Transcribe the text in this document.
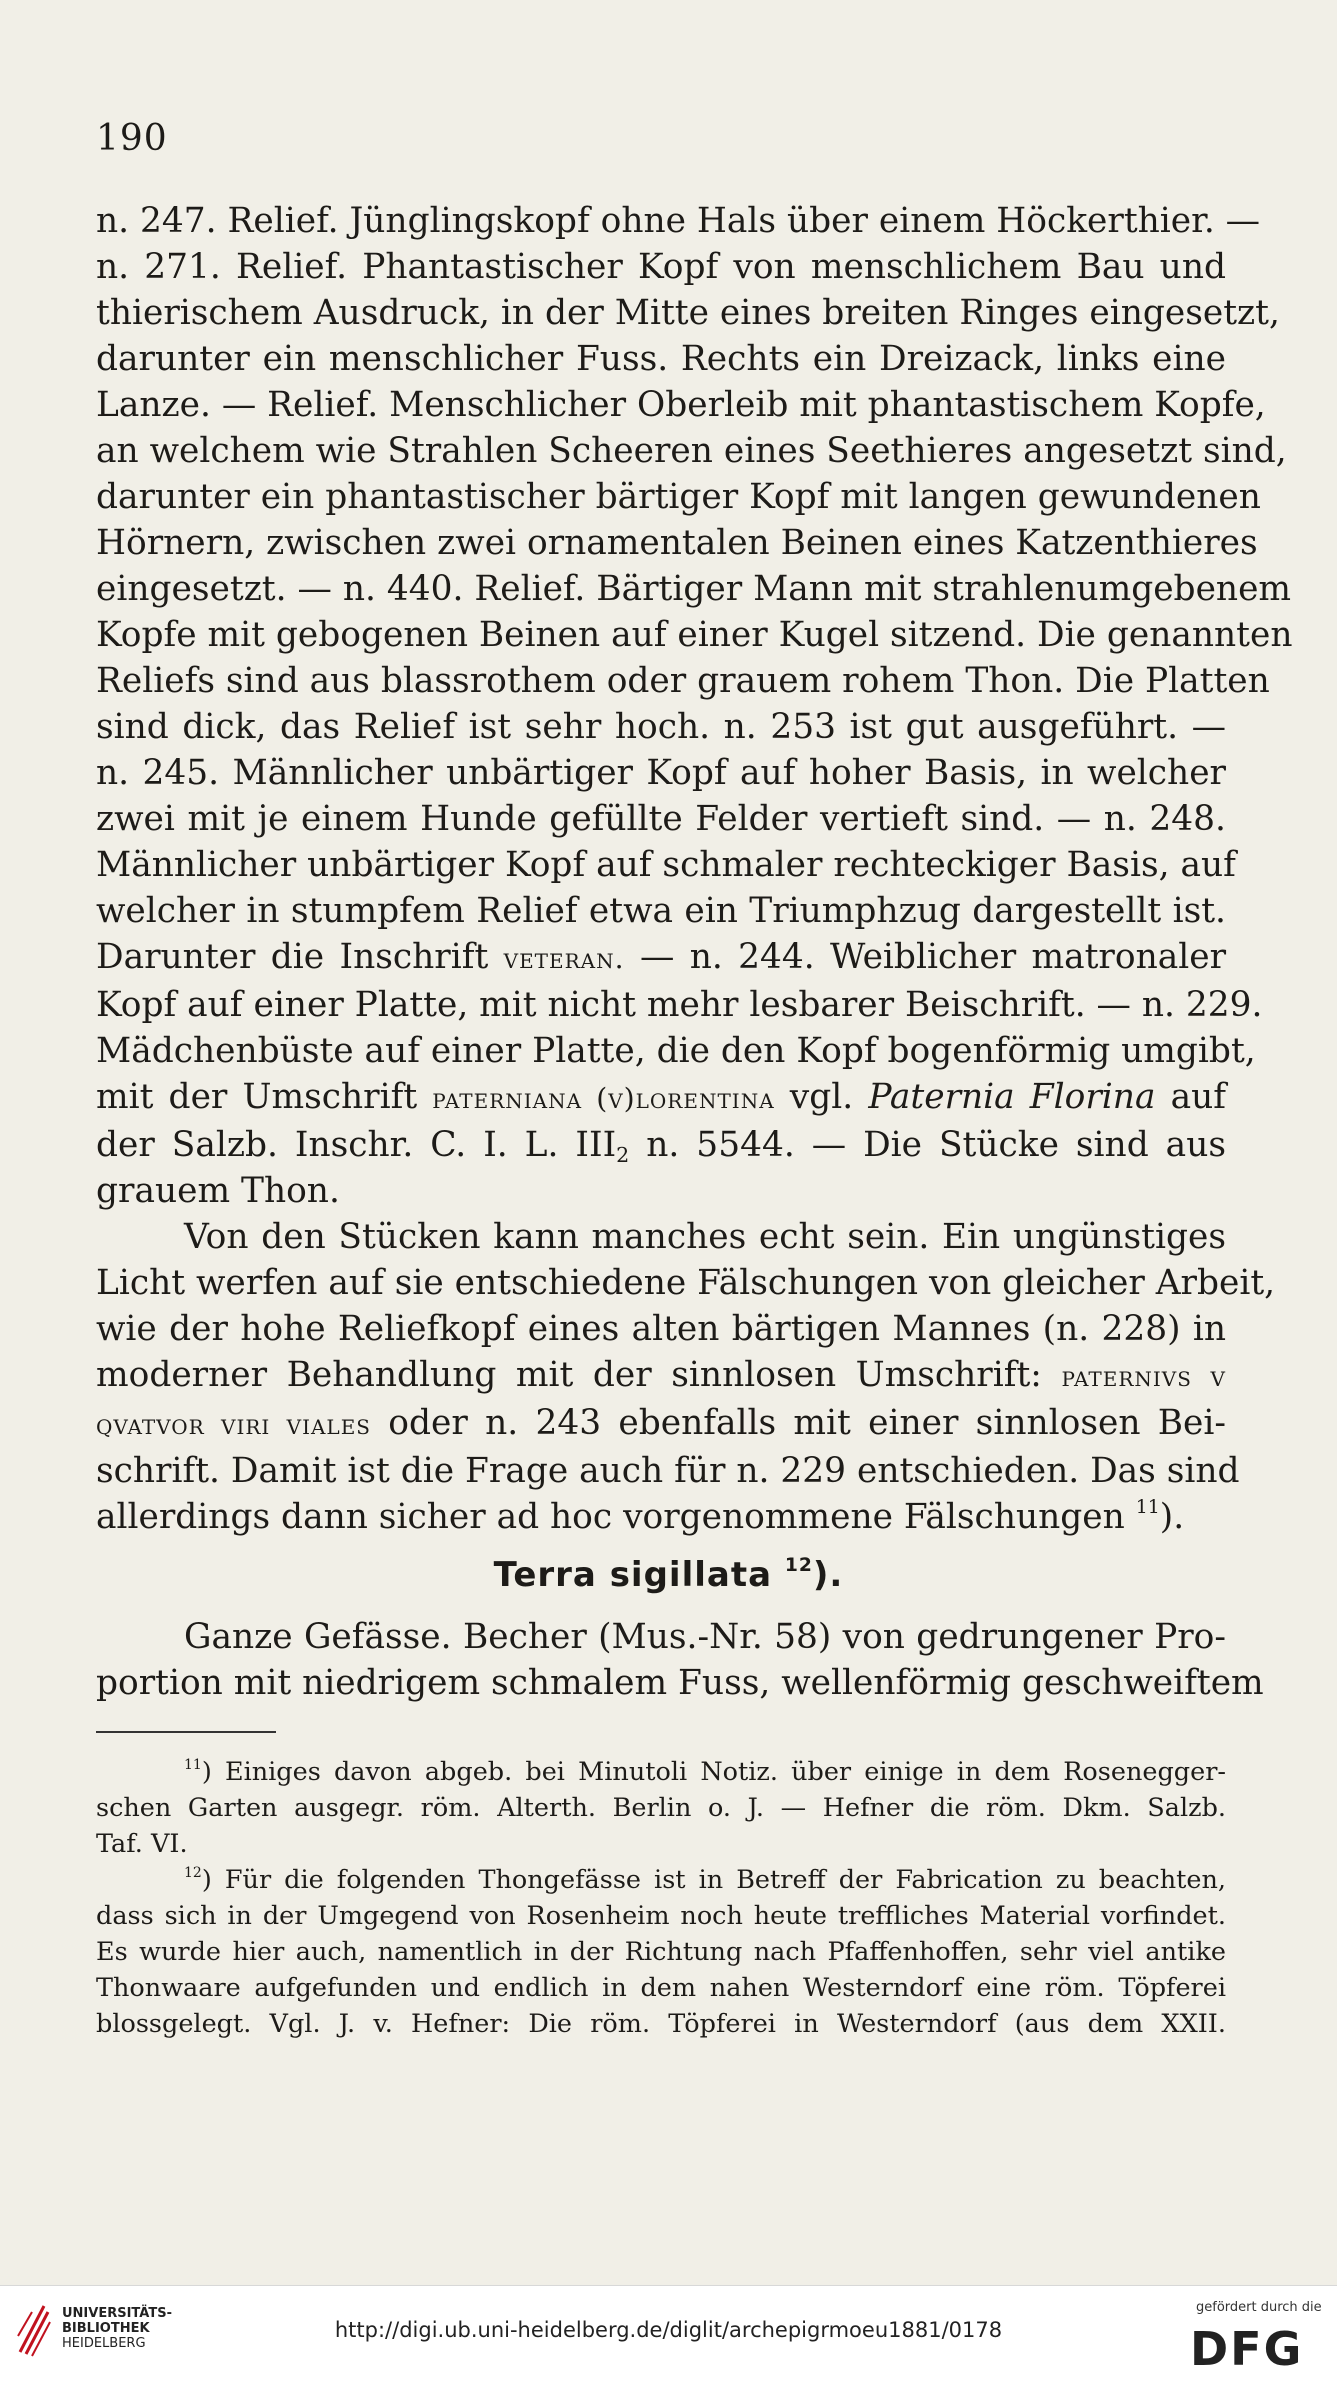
190
n. 247. Relief. Jünglingskopf ohne Hals über einem Höckerthier. —
n. 271. Relief. Phantastischer Kopf von menschlichem Bau und
thierischem Ausdruck, in der Mitte eines breiten Ringes eingesetzt,
darunter ein menschlicher Fuss. Rechts ein Dreizack, links eine
Lanze. — Relief. Menschlicher Oberleib mit phantastischem Kopfe,
an welchem wie Strahlen Scheeren eines Seethieres angesetzt sind,
darunter ein phantastischer bärtiger Kopf mit langen gewundenen
Hörnern, zwischen zwei ornamentalen Beinen eines Katzenthieres
eingesetzt. — n. 440. Relief. Bärtiger Mann mit strahlenumgebenem
Kopfe mit gebogenen Beinen auf einer Kugel sitzend. Die genannten
Reliefs sind aus blassrothem oder grauem rohem Thon. Die Platten
sind dick, das Relief ist sehr hoch. n. 253 ist gut ausgeführt. —
n. 245. Männlicher unbärtiger Kopf auf hoher Basis, in welcher
zwei mit je einem Hunde gefüllte Felder vertieft sind. — n. 248.
Männlicher unbärtiger Kopf auf schmaler rechteckiger Basis, auf
welcher in stumpfem Relief etwa ein Triumphzug dargestellt ist.
Darunter die Inschrift veteran. — n. 244. Weiblicher matronaler
Kopf auf einer Platte, mit nicht mehr lesbarer Beischrift. — n. 229.
Mädchenbüste auf einer Platte, die den Kopf bogenförmig umgibt,
mit der Umschrift paterniana (v)lorentina vgl. Paternia Florina auf
der Salzb. Inschr. C. I. L. $III_2$ n. 5544. — Die Stücke sind aus
grauem Thon.
Von den Stücken kann manches echt sein. Ein ungünstiges
Licht werfen auf sie entschiedene Fälschungen von gleicher Arbeit,
wie der hohe Reliefkopf eines alten bärtigen Mannes (n. 228) in
moderner Behandlung mit der sinnlosen Umschrift: paternivs v
qvatvor viri viales oder n. 243 ebenfalls mit einer sinnlosen Bei-
schrift. Damit ist die Frage auch für n. 229 entschieden. Das sind
allerdings dann sicher ad hoc vorgenommene Fälschungen $^{11}$).
Terra sigillata $^{12}$).
Ganze Gefässe. Becher (Mus.-Nr. 58) von gedrungener Pro-
portion mit niedrigem schmalem Fuss, wellenförmig geschweiftem
$^{11}$) Einiges davon abgeb. bei Minutoli Notiz. über einige in dem Rosenegger-
schen Garten ausgegr. röm. Alterth. Berlin o. J. — Hefner die röm. Dkm. Salzb.
Taf. VI.
$^{12}$) Für die folgenden Thongefässe ist in Betreff der Fabrication zu beachten,
dass sich in der Umgegend von Rosenheim noch heute treffliches Material vorfindet.
Es wurde hier auch, namentlich in der Richtung nach Pfaffenhoffen, sehr viel antike
Thonwaare aufgefunden und endlich in dem nahen Westerndorf eine röm. Töpferei
blossgelegt. Vgl. J. v. Hefner: Die röm. Töpferei in Westerndorf (aus dem XXII.
UNIVERSITÄTS-
BIBLIOTHEK
HEIDELBERG
http://digi.ub.uni-heidelberg.de/diglit/archepigrmoeu1881/0178
gefördert durch die
DFG
